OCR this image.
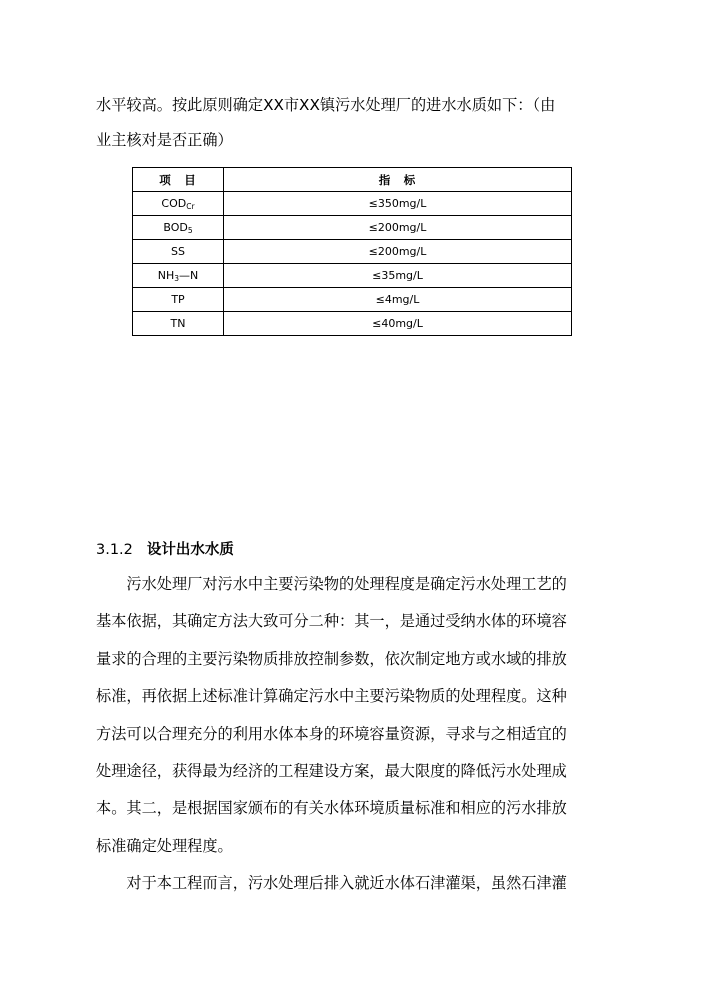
水平较高。按此原则确定XX市XX镇污水处理厂的进水水质如下：（由
业主核对是否正确）
项　目	指　标
$COD_{Cr}$	≤350mg/L
$BOD_5$	≤200mg/L
SS	≤200mg/L
$NH_3—N$	≤35mg/L
TP	≤4mg/L
TN	≤40mg/L
3.1.2 设计出水水质
　　污水处理厂对污水中主要污染物的处理程度是确定污水处理工艺的
基本依据，其确定方法大致可分二种：其一，是通过受纳水体的环境容
量求的合理的主要污染物质排放控制参数，依次制定地方或水域的排放
标准，再依据上述标准计算确定污水中主要污染物质的处理程度。这种
方法可以合理充分的利用水体本身的环境容量资源，寻求与之相适宜的
处理途径，获得最为经济的工程建设方案，最大限度的降低污水处理成
本。其二，是根据国家颁布的有关水体环境质量标准和相应的污水排放
标准确定处理程度。
　　对于本工程而言，污水处理后排入就近水体石津灌渠，虽然石津灌
